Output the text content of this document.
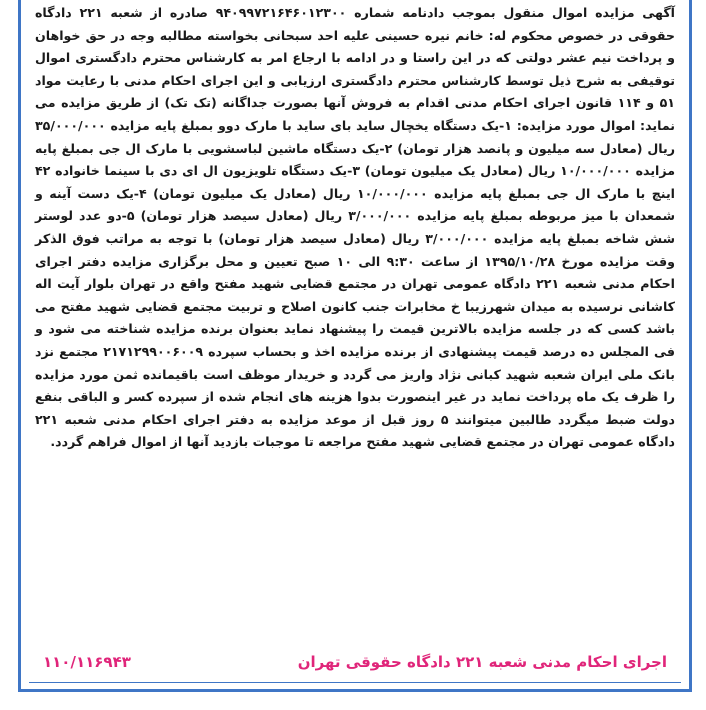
آگهی مزایده اموال منقول بموجب دادنامه شماره ۹۴۰۹۹۷۲۱۶۴۶۰۱۲۳۰۰ صادره از شعبه ۲۲۱ دادگاه حقوقی در خصوص محکوم له: خانم نیره حسینی علیه احد سبحانی بخواسته مطالبه وجه در حق خواهان و پرداخت نیم عشر دولتی که در این راستا و در ادامه با ارجاع امر به کارشناس محترم دادگستری اموال توقیفی به شرح ذیل توسط کارشناس محترم دادگستری ارزیابی و این اجرای احکام مدنی با رعایت مواد ۵۱ و ۱۱۴ قانون اجرای احکام مدنی اقدام به فروش آنها بصورت جداگانه (تک تک) از طریق مزایده می نماید: اموال مورد مزایده: ۱-یک دستگاه یخچال ساید بای ساید با مارک دوو بمبلغ پایه مزایده ۳۵/۰۰۰/۰۰۰ ریال (معادل سه میلیون و پانصد هزار تومان) ۲-یک دستگاه ماشین لباسشویی با مارک ال جی بمبلغ پایه مزایده ۱۰/۰۰۰/۰۰۰ ریال (معادل یک میلیون تومان) ۳-یک دستگاه تلویزیون ال ای دی با سینما خانواده ۴۲ اینچ با مارک ال جی بمبلغ پایه مزایده ۱۰/۰۰۰/۰۰۰ ریال (معادل یک میلیون تومان) ۴-یک دست آینه و شمعدان با میز مربوطه بمبلغ پایه مزایده ۳/۰۰۰/۰۰۰ ریال (معادل سیصد هزار تومان) ۵-دو عدد لوستر شش شاخه بمبلغ پایه مزایده ۳/۰۰۰/۰۰۰ ریال (معادل سیصد هزار تومان) با توجه به مراتب فوق الذکر وقت مزایده مورخ ۱۳۹۵/۱۰/۲۸ از ساعت ۹:۳۰ الی ۱۰ صبح تعیین و محل برگزاری مزایده دفتر اجرای احکام مدنی شعبه ۲۲۱ دادگاه عمومی تهران در مجتمع قضایی شهید مفتح واقع در تهران بلوار آیت اله کاشانی نرسیده به میدان شهرزیبا خ مخابرات جنب کانون اصلاح و تربیت مجتمع قضایی شهید مفتح می باشد کسی که در جلسه مزایده بالاترین قیمت را پیشنهاد نماید بعنوان برنده مزایده شناخته می شود و فی المجلس ده درصد قیمت پیشنهادی از برنده مزایده اخذ و بحساب سپرده ۲۱۷۱۲۹۹۰۰۶۰۰۹ مجتمع نزد بانک ملی ایران شعبه شهید کبانی نژاد واریز می گردد و خریدار موظف است باقیمانده ثمن مورد مزایده را ظرف یک ماه پرداخت نماید در غیر اینصورت بدوا هزینه های انجام شده از سپرده کسر و الباقی بنفع دولت ضبط میگردد طالبین میتوانند ۵ روز قبل از موعد مزایده به دفتر اجرای احکام مدنی شعبه ۲۲۱ دادگاه عمومی تهران در مجتمع قضایی شهید مفتح مراجعه تا موجبات بازدید آنها از اموال فراهم گردد.

اجرای احکام مدنی شعبه ۲۲۱ دادگاه حقوقی تهران
۱۱۰/۱۱۶۹۴۳
